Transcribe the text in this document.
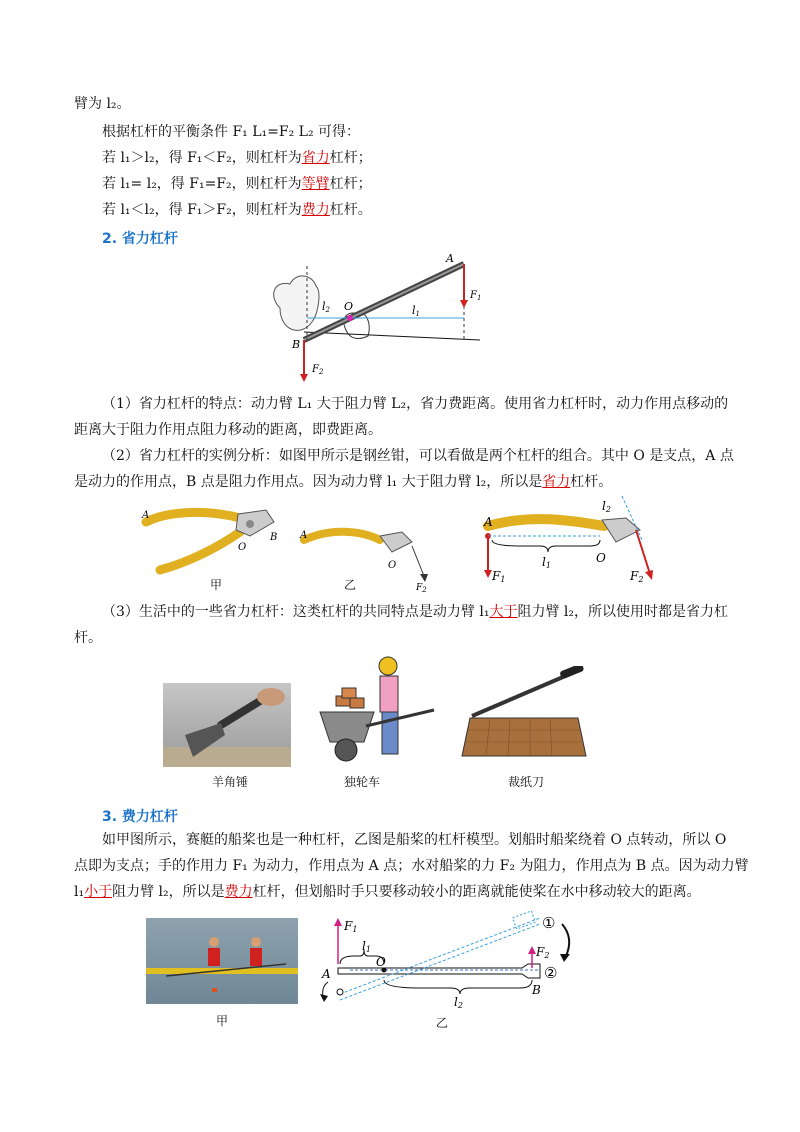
臂为 l₂。
根据杠杆的平衡条件 F₁ L₁=F₂ L₂ 可得：
若 l₁＞l₂，得 F₁＜F₂，则杠杆为省力杠杆；
若 l₁= l₂，得 F₁=F₂，则杠杆为等臂杠杆；
若 l₁＜l₂，得 F₁＞F₂，则杠杆为费力杠杆。
2. 省力杠杆
A
B
O
$F_1$
$F_2$
l1
l2
（1）省力杠杆的特点：动力臂 L₁ 大于阻力臂 L₂，省力费距离。使用省力杠杆时，动力作用点移动的
距离大于阻力作用点阻力移动的距离，即费距离。
（2）省力杠杆的实例分析：如图甲所示是钢丝钳，可以看做是两个杠杆的组合。其中 O 是支点，A 点
是动力的作用点，B 点是阻力作用点。因为动力臂 l₁ 大于阻力臂 l₂，所以是省力杠杆。
A
O
B A
O
$F_2$
A
O
F1	F2
l1
l2
甲	乙
（3）生活中的一些省力杠杆：这类杠杆的共同特点是动力臂 l₁大于阻力臂 l₂，所以使用时都是省力杠
杆。
羊角锤	独轮车	裁纸刀
3. 费力杠杆
如甲图所示，赛艇的船桨也是一种杠杆，乙图是船桨的杠杆模型。划船时船桨绕着 O 点转动，所以 O
点即为支点；手的作用力 F₁ 为动力，作用点为 A 点；水对船桨的力 F₂ 为阻力，作用点为 B 点。因为动力臂
l₁小于阻力臂 l₂，所以是费力杠杆，但划船时手只要移动较小的距离就能使桨在水中移动较大的距离。
甲
A
O
B
F1
F2
l1
l2
①
②
乙
